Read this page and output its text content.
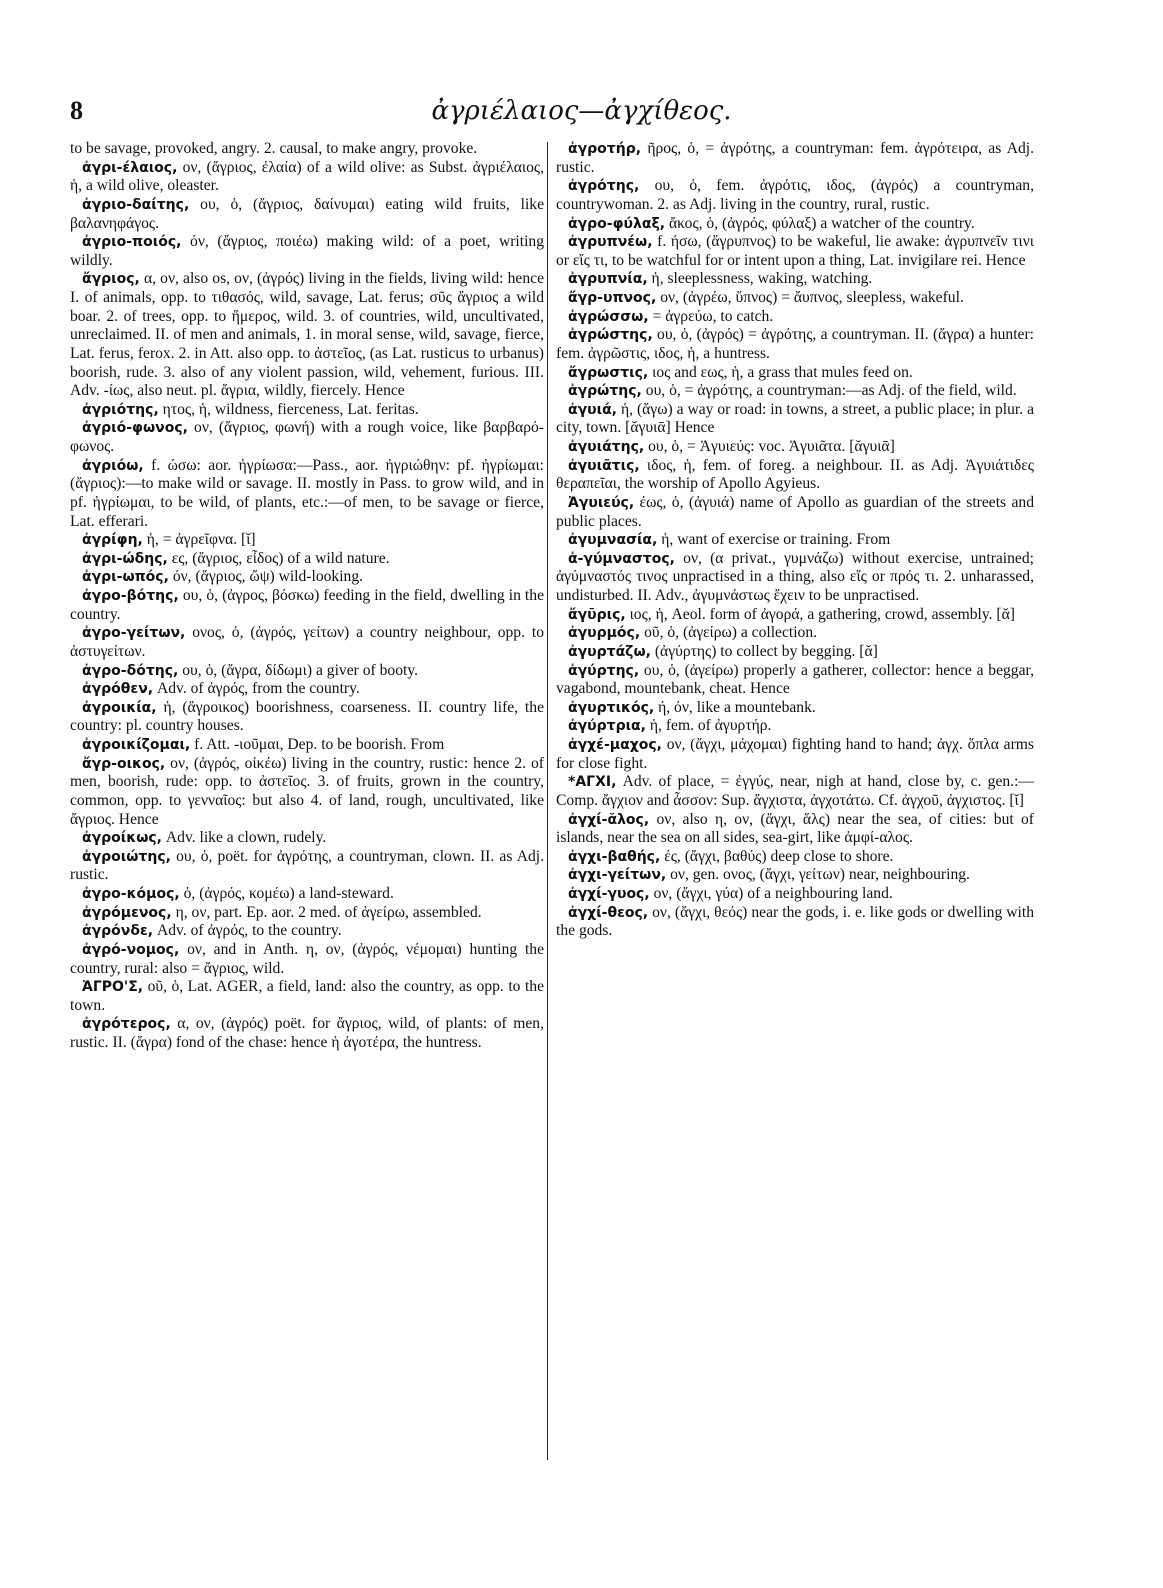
8	ἀγριέλαιος—ἀγχίθεος.

to be savage, provoked, angry. 2. causal, to make angry, provoke.

ἀγρι-έλαιος, ον, (ἄγριος, ἐλαία) of a wild olive: as Subst. ἀγριέλαιος, ἡ, a wild olive, oleaster.

ἀγριο-δαίτης, ου, ὁ, (ἄγριος, δαίνυμαι) eating wild fruits, like βαλανηφάγος.

ἀγριο-ποιός, όν, (ἄγριος, ποιέω) making wild: of a poet, writing wildly.

ἄγριος, α, ον, also os, ον, (ἀγρός) living in the fields, living wild: hence I. of animals, opp. to τιθασός, wild, savage, Lat. ferus; σῦς ἄγριος a wild boar. 2. of trees, opp. to ἥμερος, wild. 3. of countries, wild, uncultivated, unreclaimed. II. of men and animals, 1. in moral sense, wild, savage, fierce, Lat. ferus, ferox. 2. in Att. also opp. to ἀστεῖος, (as Lat. rusticus to urbanus) boorish, rude. 3. also of any violent passion, wild, vehement, furious. III. Adv. -ίως, also neut. pl. ἄγρια, wildly, fiercely. Hence

ἀγριότης, ητος, ἡ, wildness, fierceness, Lat. feritas.

ἀγριό-φωνος, ον, (ἄγριος, φωνή) with a rough voice, like βαρβαρό-φωνος.

ἀγριόω, f. ώσω: aor. ἠγρίωσα:—Pass., aor. ἠγριώθην: pf. ἠγρίωμαι: (ἄγριος):—to make wild or savage. II. mostly in Pass. to grow wild, and in pf. ἠγρίωμαι, to be wild, of plants, etc.:—of men, to be savage or fierce, Lat. efferari.

ἀγρίφη, ἡ, = ἀγρεῖφνα. [ῐ]

ἀγρι-ώδης, ες, (ἄγριος, εἶδος) of a wild nature.

ἀγρι-ωπός, όν, (ἄγριος, ὤψ) wild-looking.

ἀγρο-βότης, ου, ὁ, (ἀγρος, βόσκω) feeding in the field, dwelling in the country.

ἀγρο-γείτων, ονος, ὁ, (ἀγρός, γείτων) a country neighbour, opp. to ἀστυγείτων.

ἀγρο-δότης, ου, ὁ, (ἄγρα, δίδωμι) a giver of booty.

ἀγρόθεν, Adv. of ἀγρός, from the country.

ἀγροικία, ἡ, (ἄγροικος) boorishness, coarseness. II. country life, the country: pl. country houses.

ἀγροικίζομαι, f. Att. -ιοῦμαι, Dep. to be boorish. From

ἄγρ-οικος, ον, (ἀγρός, οἰκέω) living in the country, rustic: hence 2. of men, boorish, rude: opp. to ἀστεῖος. 3. of fruits, grown in the country, common, opp. to γενναῖος: but also 4. of land, rough, uncultivated, like ἄγριος. Hence

ἀγροίκως, Adv. like a clown, rudely.

ἀγροιώτης, ου, ὁ, poët. for ἀγρότης, a countryman, clown. II. as Adj. rustic.

ἀγρο-κόμος, ὁ, (ἀγρός, κομέω) a land-steward.

ἀγρόμενος, η, ον, part. Ep. aor. 2 med. of ἀγείρω, assembled.

ἀγρόνδε, Adv. of ἀγρός, to the country.

ἀγρό-νομος, ον, and in Anth. η, ον, (ἀγρός, νέμομαι) hunting the country, rural: also = ἄγριος, wild.

ἈΓΡΟ'Σ, οῦ, ὁ, Lat. AGER, a field, land: also the country, as opp. to the town.

ἀγρότερος, α, ον, (ἀγρός) poët. for ἄγριος, wild, of plants: of men, rustic. II. (ἄγρα) fond of the chase: hence ἡ ἀγοτέρα, the huntress.

ἀγροτήρ, ῆρος, ὁ, = ἀγρότης, a countryman: fem. ἀγρότειρα, as Adj. rustic.

ἀγρότης, ου, ὁ, fem. ἀγρότις, ιδος, (ἀγρός) a countryman, countrywoman. 2. as Adj. living in the country, rural, rustic.

ἀγρο-φύλαξ, ἄκος, ὁ, (ἀγρός, φύλαξ) a watcher of the country.

ἀγρυπνέω, f. ήσω, (ἄγρυπνος) to be wakeful, lie awake: ἀγρυπνεῖν τινι or εἴς τι, to be watchful for or intent upon a thing, Lat. invigilare rei. Hence

ἀγρυπνία, ἡ, sleeplessness, waking, watching.

ἄγρ-υπνος, ον, (ἀγρέω, ὕπνος) = ἄυπνος, sleepless, wakeful.

ἀγρώσσω, = ἀγρεύω, to catch.

ἀγρώστης, ου, ὁ, (ἀγρός) = ἀγρότης, a countryman. II. (ἄγρα) a hunter: fem. ἀγρῶστις, ιδος, ἡ, a huntress.

ἄγρωστις, ιος and εως, ἡ, a grass that mules feed on.

ἀγρώτης, ου, ὁ, = ἀγρότης, a countryman:—as Adj. of the field, wild.

ἀγυιά, ἡ, (ἄγω) a way or road: in towns, a street, a public place; in plur. a city, town. [ᾰγυιᾱ] Hence

ἀγυιάτης, ου, ὁ, = Ἀγυιεύς: voc. Ἀγυιᾶτα. [ᾰγυιᾱ]

ἀγυιᾶτις, ιδος, ἡ, fem. of foreg. a neighbour. II. as Adj. Ἀγυιάτιδες θεραπεῖαι, the worship of Apollo Agyieus.

Ἀγυιεύς, έως, ὁ, (ἀγυιά) name of Apollo as guardian of the streets and public places.

ἀγυμνασία, ἡ, want of exercise or training. From

ἀ-γύμναστος, ον, (α privat., γυμνάζω) without exercise, untrained; ἀγύμναστός τινος unpractised in a thing, also εἴς or πρός τι. 2. unharassed, undisturbed. II. Adv., ἀγυμνάστως ἔχειν to be unpractised.

ἄγῡρις, ιος, ἡ, Aeol. form of ἀγορά, a gathering, crowd, assembly. [ᾰ]

ἀγυρμός, οῦ, ὁ, (ἀγείρω) a collection.

ἀγυρτάζω, (ἀγύρτης) to collect by begging. [ᾰ]

ἀγύρτης, ου, ὁ, (ἀγείρω) properly a gatherer, collector: hence a beggar, vagabond, mountebank, cheat. Hence

ἀγυρτικός, ή, όν, like a mountebank.

ἀγύρτρια, ἡ, fem. of ἀγυρτήρ.

ἀγχέ-μαχος, ον, (ἄγχι, μάχομαι) fighting hand to hand; ἀγχ. ὅπλα arms for close fight.

*ΑΓΧΙ, Adv. of place, = ἐγγύς, near, nigh at hand, close by, c. gen.:—Comp. ἄγχιον and ἆσσον: Sup. ἄγχιστα, ἀγχοτάτω. Cf. ἀγχοῦ, ἀγχιστος. [ῐ]

ἀγχί-ᾰλος, ον, also η, ον, (ἄγχι, ἅλς) near the sea, of cities: but of islands, near the sea on all sides, sea-girt, like ἀμφί-αλος.

ἀγχι-βαθής, ές, (ἄγχι, βαθύς) deep close to shore.

ἀγχι-γείτων, ον, gen. ονος, (ἄγχι, γείτων) near, neighbouring.

ἀγχί-γυος, ον, (ἄγχι, γύα) of a neighbouring land.

ἀγχί-θεος, ον, (ἄγχι, θεός) near the gods, i. e. like gods or dwelling with the gods.
